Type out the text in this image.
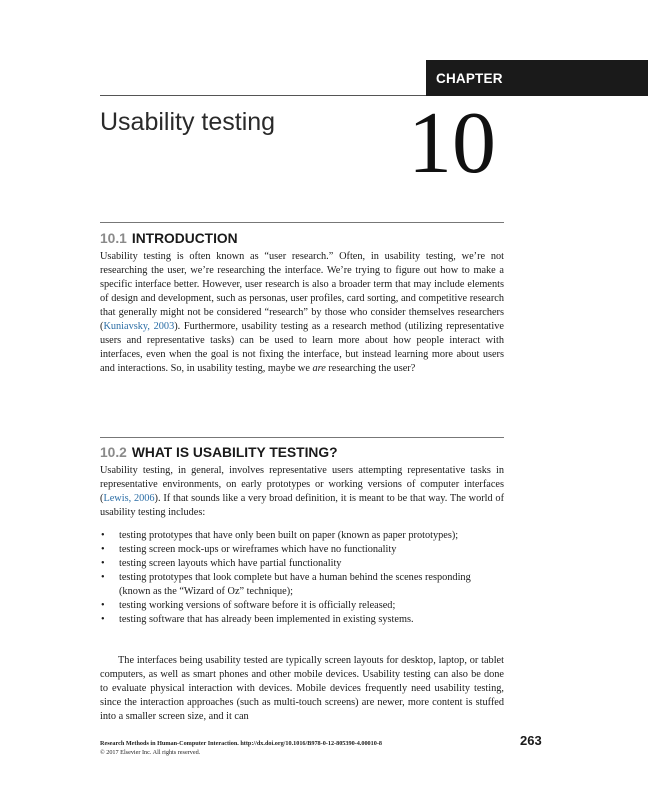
CHAPTER
Usability testing 10
10.1 INTRODUCTION

Usability testing is often known as “user research.” Often, in usability testing, we’re not researching the user, we’re researching the interface. We’re trying to figure out how to make a specific interface better. However, user research is also a broader term that may include elements of design and development, such as personas, user profiles, card sorting, and competitive research that generally might not be considered “research” by those who consider themselves researchers (Kuniavsky, 2003). Furthermore, usability testing as a research method (utilizing representative users and representative tasks) can be used to learn more about how people interact with interfaces, even when the goal is not fixing the interface, but instead learning more about users and interactions. So, in usability testing, maybe we are researching the user?

10.2 WHAT IS USABILITY TESTING?

Usability testing, in general, involves representative users attempting representative tasks in representative environments, on early prototypes or working versions of computer interfaces (Lewis, 2006). If that sounds like a very broad definition, it is meant to be that way. The world of usability testing includes:

• testing prototypes that have only been built on paper (known as paper prototypes);
• testing screen mock-ups or wireframes which have no functionality
• testing screen layouts which have partial functionality
• testing prototypes that look complete but have a human behind the scenes responding (known as the “Wizard of Oz” technique);
• testing working versions of software before it is officially released;
• testing software that has already been implemented in existing systems.

The interfaces being usability tested are typically screen layouts for desktop, laptop, or tablet computers, as well as smart phones and other mobile devices. Usability testing can also be done to evaluate physical interaction with devices. Mobile devices frequently need usability testing, since the interaction approaches (such as multi-touch screens) are newer, more content is stuffed into a smaller screen size, and it can

Research Methods in Human-Computer Interaction. http://dx.doi.org/10.1016/B978-0-12-805390-4.00010-8
© 2017 Elsevier Inc. All rights reserved.
263
